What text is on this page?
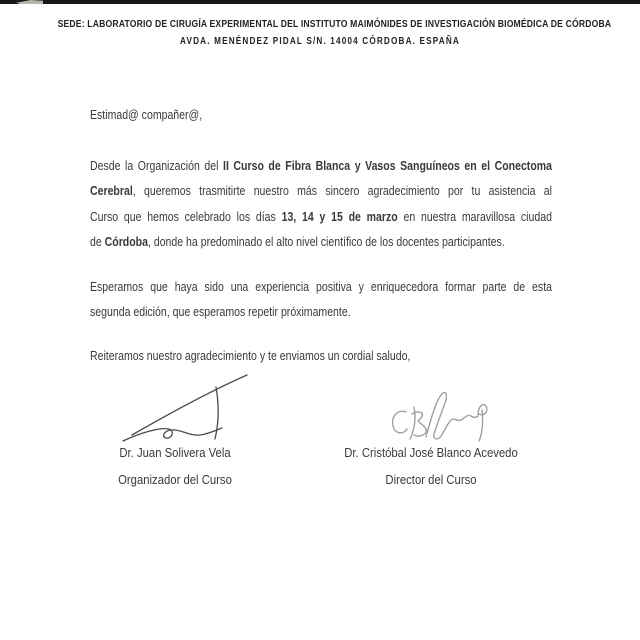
SEDE: LABORATORIO DE CIRUGÍA EXPERIMENTAL DEL INSTITUTO MAIMÓNIDES DE INVESTIGACIÓN BIOMÉDICA DE CÓRDOBA
AVDA. MENÉNDEZ PIDAL S/N. 14004 CÓRDOBA. ESPAÑA
Estimad@ compañer@,
Desde la Organización del II Curso de Fibra Blanca y Vasos Sanguíneos en el Conectoma
Cerebral, queremos trasmitirte nuestro más sincero agradecimiento por tu asistencia al
Curso que hemos celebrado los días 13, 14 y 15 de marzo en nuestra maravillosa ciudad
de Córdoba, donde ha predominado el alto nivel científico de los docentes participantes.
Esperamos que haya sido una experiencia positiva y enriquecedora formar parte de esta
segunda edición, que esperamos repetir próximamente.
Reiteramos nuestro agradecimiento y te enviamos un cordial saludo,
Dr. Juan Solivera Vela
Organizador del Curso
Dr. Cristóbal José Blanco Acevedo
Director del Curso
